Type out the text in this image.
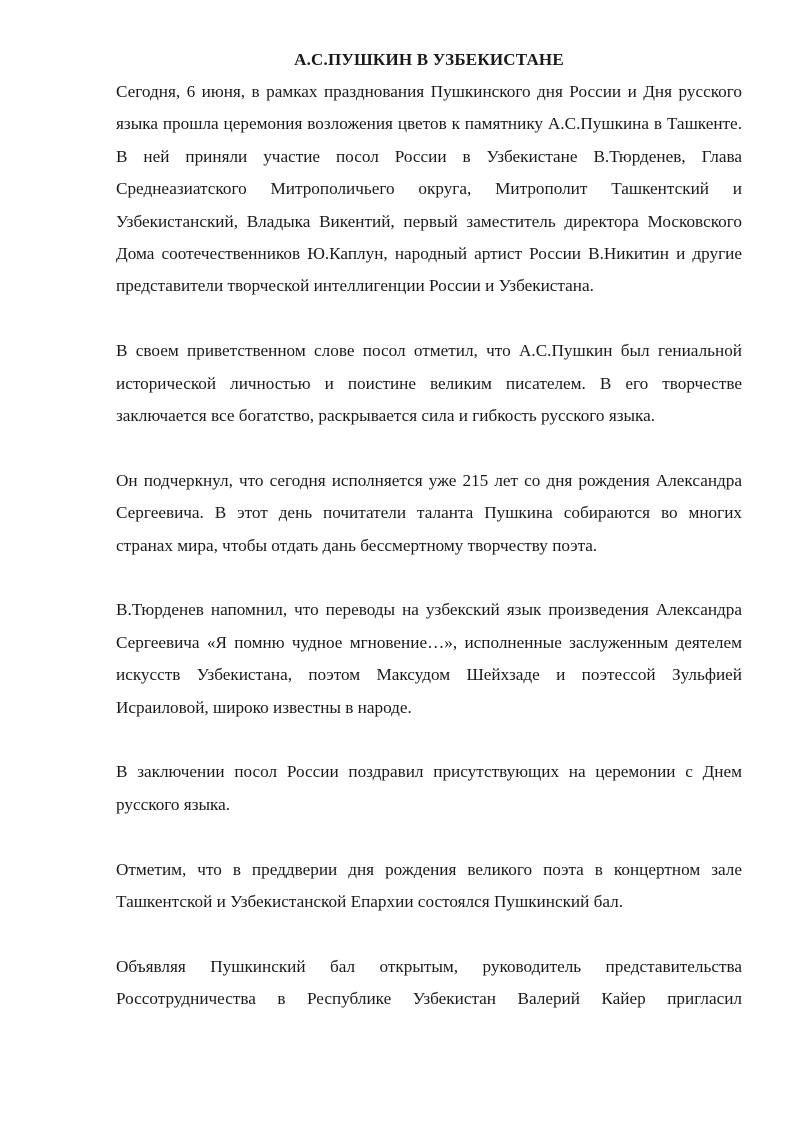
А.С.ПУШКИН В УЗБЕКИСТАНЕ

Сегодня, 6 июня, в рамках празднования Пушкинского дня России и Дня русского языка прошла церемония возложения цветов к памятнику А.С.Пушкина в Ташкенте. В ней приняли участие посол России в Узбекистане В.Тюрденев, Глава Среднеазиатского Митрополичьего округа, Митрополит Ташкентский и Узбекистанский, Владыка Викентий, первый заместитель директора Московского Дома соотечественников Ю.Каплун, народный артист России В.Никитин и другие представители творческой интеллигенции России и Узбекистана.

В своем приветственном слове посол отметил, что А.С.Пушкин был гениальной исторической личностью и поистине великим писателем. В его творчестве заключается все богатство, раскрывается сила и гибкость русского языка.

Он подчеркнул, что сегодня исполняется уже 215 лет со дня рождения Александра Сергеевича. В этот день почитатели таланта Пушкина собираются во многих странах мира, чтобы отдать дань бессмертному творчеству поэта.

В.Тюрденев напомнил, что переводы на узбекский язык произведения Александра Сергеевича «Я помню чудное мгновение…», исполненные заслуженным деятелем искусств Узбекистана, поэтом Максудом Шейхзаде и поэтессой Зульфией Исраиловой, широко известны в народе.

В заключении посол России поздравил присутствующих на церемонии с Днем русского языка.

Отметим, что в преддверии дня рождения великого поэта в концертном зале Ташкентской и Узбекистанской Епархии состоялся Пушкинский бал.

Объявляя Пушкинский бал открытым, руководитель представительства Россотрудничества в Республике Узбекистан Валерий Кайер пригласил
